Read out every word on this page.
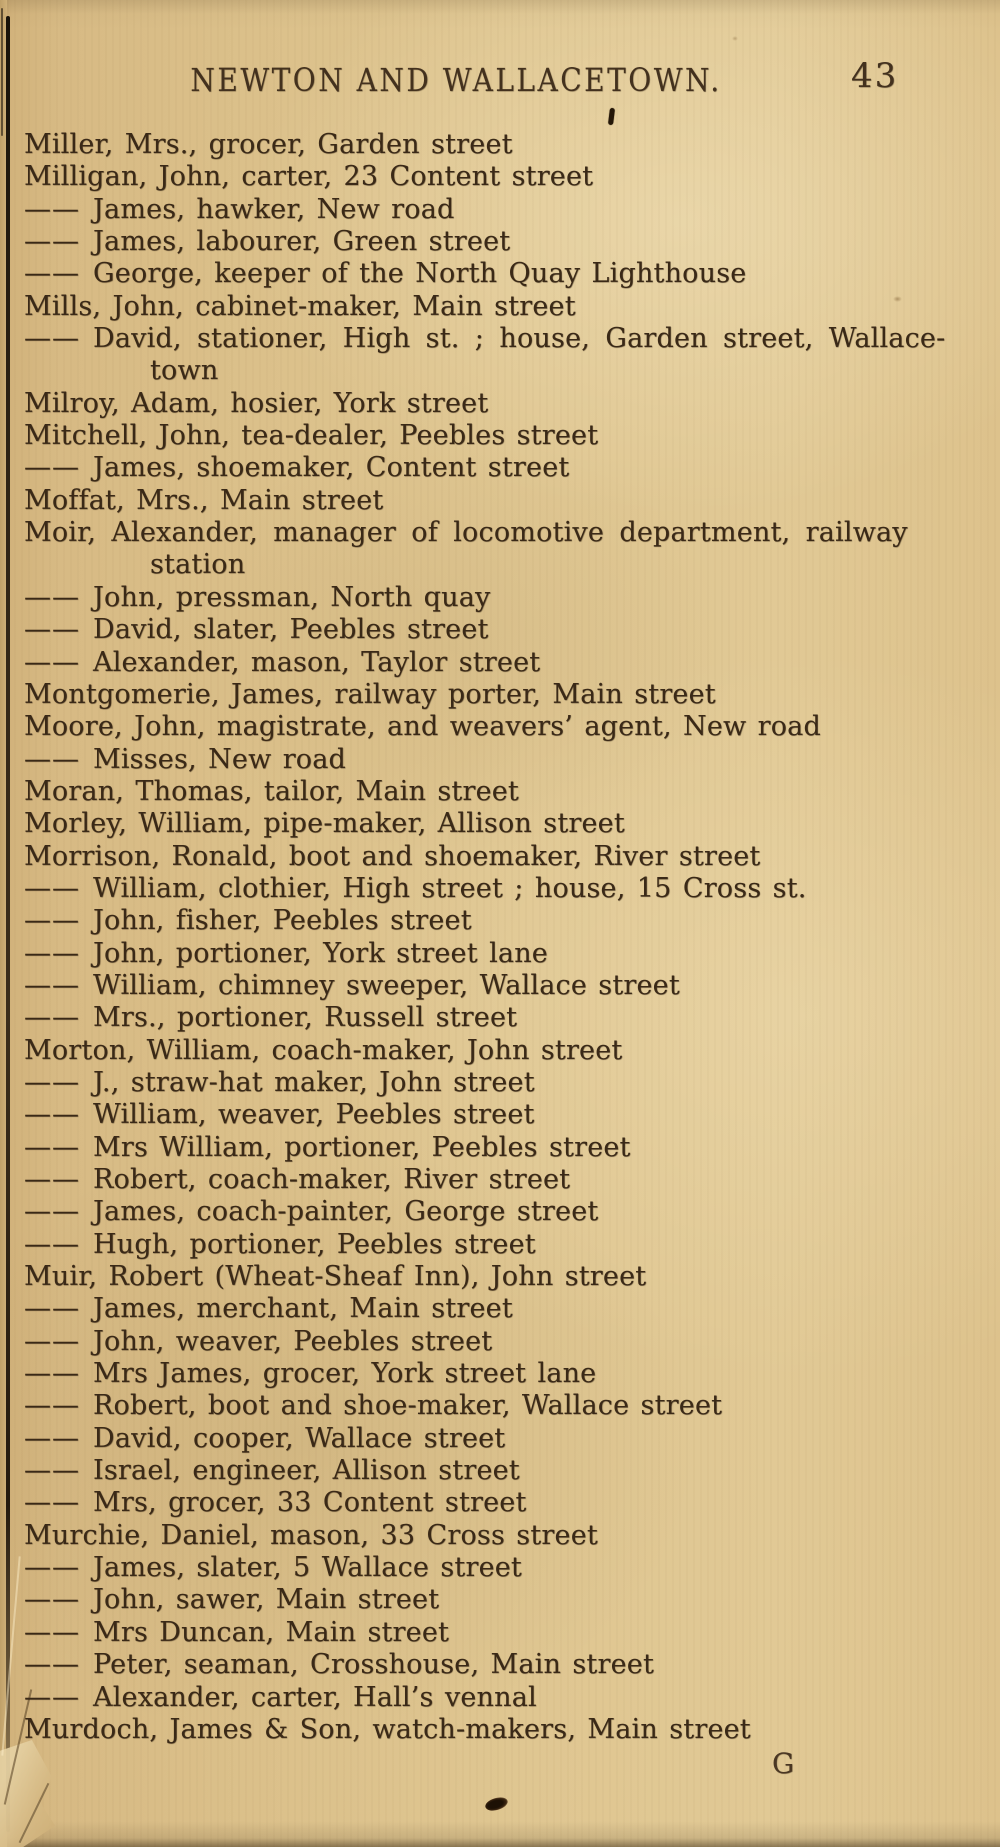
NEWTON AND WALLACETOWN.	43
Miller, Mrs., grocer, Garden street
Milligan, John, carter, 23 Content street
—— James, hawker, New road
—— James, labourer, Green street
—— George, keeper of the North Quay Lighthouse
Mills, John, cabinet-maker, Main street
—— David, stationer, High st. ; house, Garden street, Wallace-
town
Milroy, Adam, hosier, York street
Mitchell, John, tea-dealer, Peebles street
—— James, shoemaker, Content street
Moffat, Mrs., Main street
Moir, Alexander, manager of locomotive department, railway
station
—— John, pressman, North quay
—— David, slater, Peebles street
—— Alexander, mason, Taylor street
Montgomerie, James, railway porter, Main street
Moore, John, magistrate, and weavers’ agent, New road
—— Misses, New road
Moran, Thomas, tailor, Main street
Morley, William, pipe-maker, Allison street
Morrison, Ronald, boot and shoemaker, River street
—— William, clothier, High street ; house, 15 Cross st.
—— John, fisher, Peebles street
—— John, portioner, York street lane
—— William, chimney sweeper, Wallace street
—— Mrs., portioner, Russell street
Morton, William, coach-maker, John street
—— J., straw-hat maker, John street
—— William, weaver, Peebles street
—— Mrs William, portioner, Peebles street
—— Robert, coach-maker, River street
—— James, coach-painter, George street
—— Hugh, portioner, Peebles street
Muir, Robert (Wheat-Sheaf Inn), John street
—— James, merchant, Main street
—— John, weaver, Peebles street
—— Mrs James, grocer, York street lane
—— Robert, boot and shoe-maker, Wallace street
—— David, cooper, Wallace street
—— Israel, engineer, Allison street
—— Mrs, grocer, 33 Content street
Murchie, Daniel, mason, 33 Cross street
—— James, slater, 5 Wallace street
—— John, sawer, Main street
—— Mrs Duncan, Main street
—— Peter, seaman, Crosshouse, Main street
—— Alexander, carter, Hall’s vennal
Murdoch, James & Son, watch-makers, Main street
G
